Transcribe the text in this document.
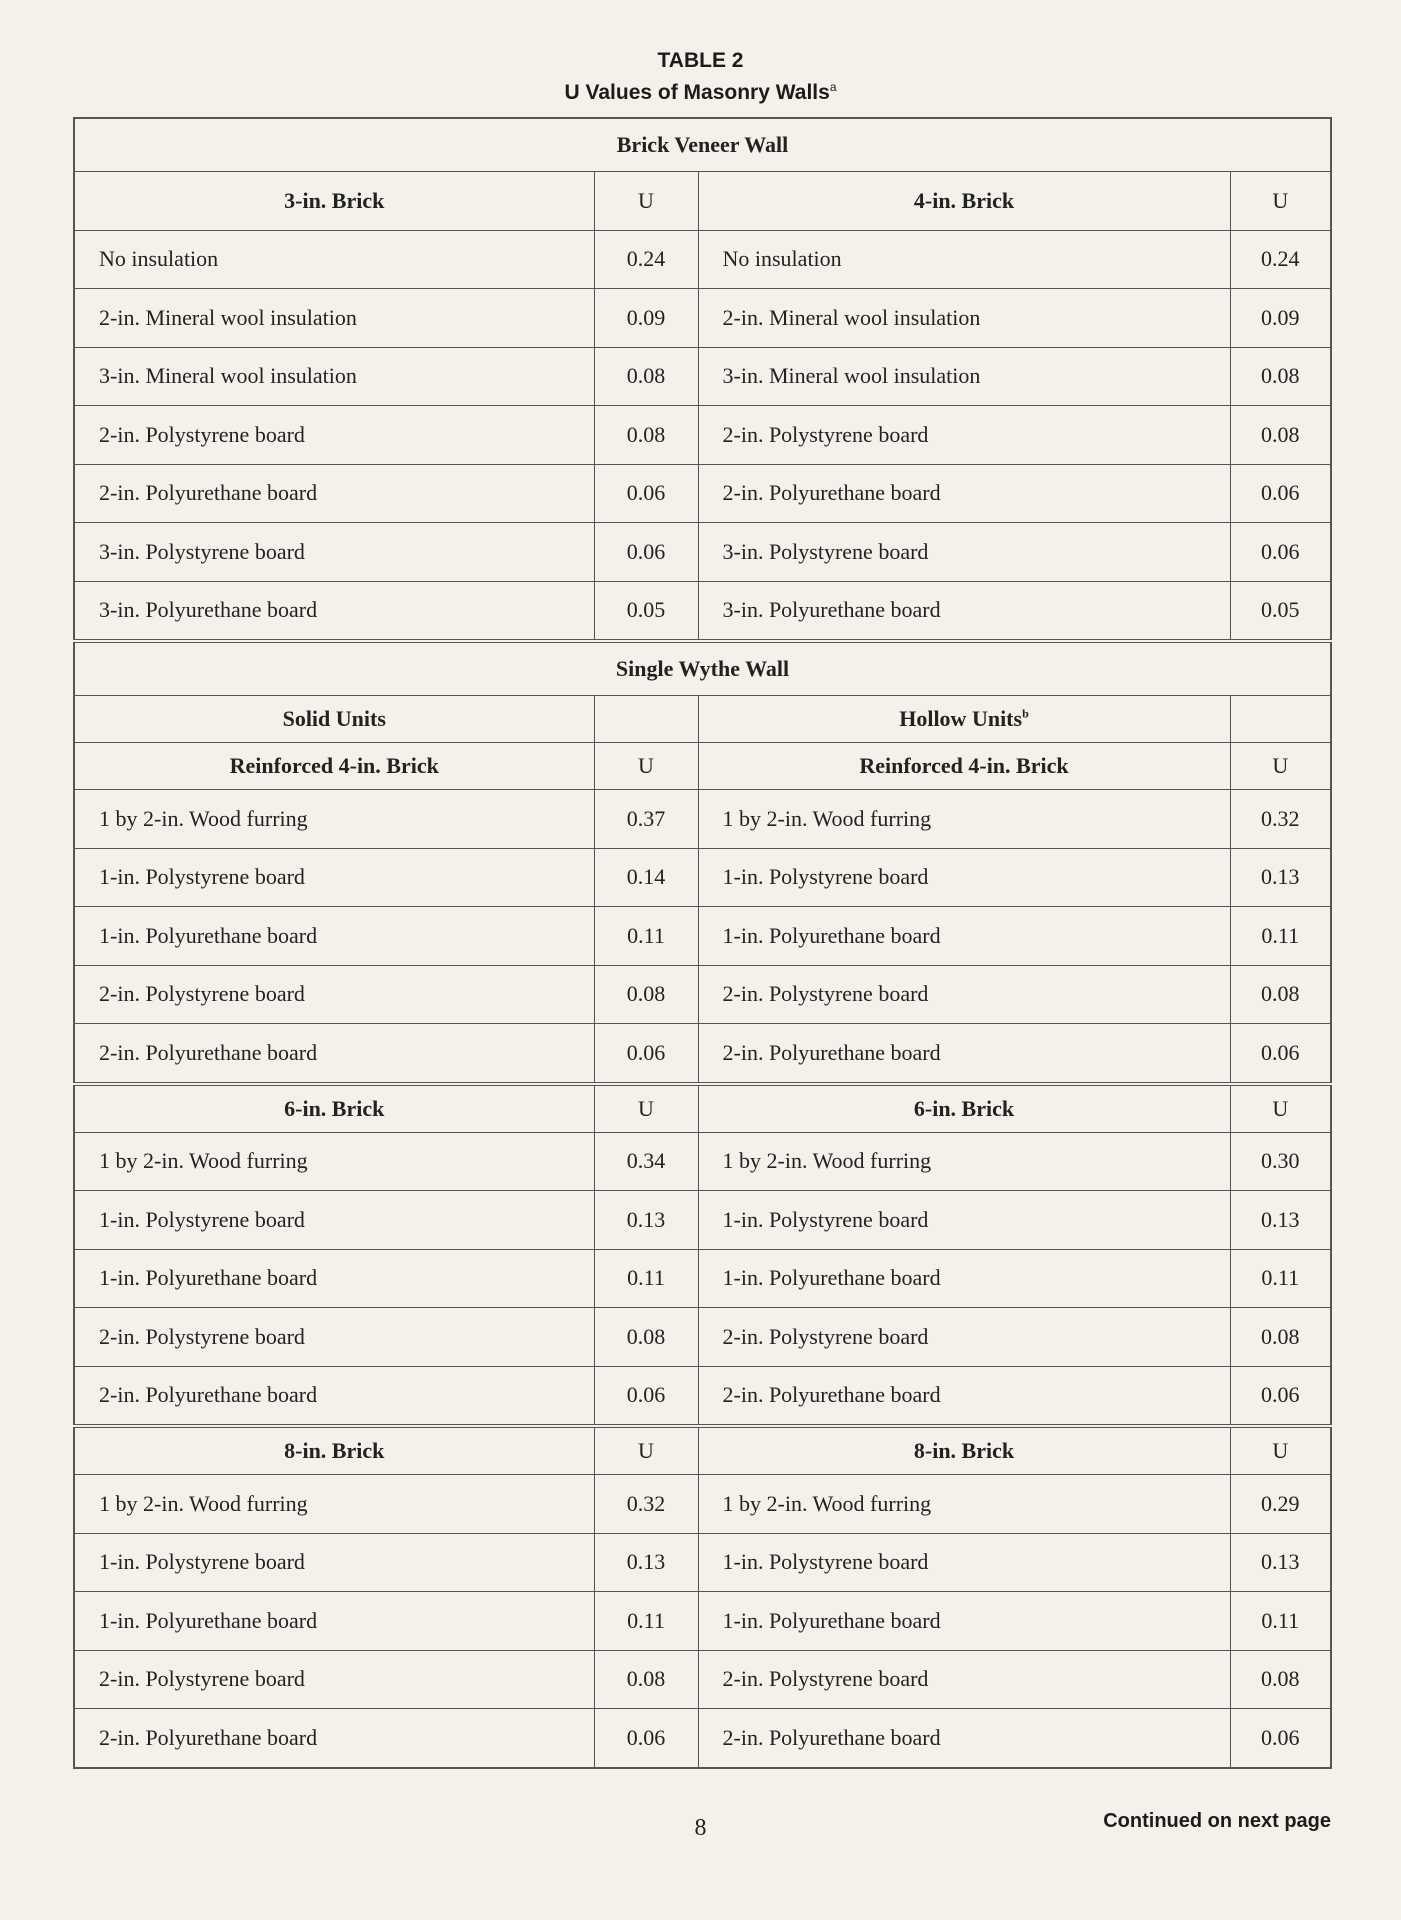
TABLE 2
U Values of Masonry Walls$^a$
Brick Veneer Wall			
3-in. Brick	U	4-in. Brick	U
No insulation	0.24	No insulation	0.24
2-in. Mineral wool insulation	0.09	2-in. Mineral wool insulation	0.09
3-in. Mineral wool insulation	0.08	3-in. Mineral wool insulation	0.08
2-in. Polystyrene board	0.08	2-in. Polystyrene board	0.08
2-in. Polyurethane board	0.06	2-in. Polyurethane board	0.06
3-in. Polystyrene board	0.06	3-in. Polystyrene board	0.06
3-in. Polyurethane board	0.05	3-in. Polyurethane board	0.05
Single Wythe Wall			
Solid Units		Hollow Units$^b$	
Reinforced 4-in. Brick	U	Reinforced 4-in. Brick	U
1 by 2-in. Wood furring	0.37	1 by 2-in. Wood furring	0.32
1-in. Polystyrene board	0.14	1-in. Polystyrene board	0.13
1-in. Polyurethane board	0.11	1-in. Polyurethane board	0.11
2-in. Polystyrene board	0.08	2-in. Polystyrene board	0.08
2-in. Polyurethane board	0.06	2-in. Polyurethane board	0.06
6-in. Brick	U	6-in. Brick	U
1 by 2-in. Wood furring	0.34	1 by 2-in. Wood furring	0.30
1-in. Polystyrene board	0.13	1-in. Polystyrene board	0.13
1-in. Polyurethane board	0.11	1-in. Polyurethane board	0.11
2-in. Polystyrene board	0.08	2-in. Polystyrene board	0.08
2-in. Polyurethane board	0.06	2-in. Polyurethane board	0.06
8-in. Brick	U	8-in. Brick	U
1 by 2-in. Wood furring	0.32	1 by 2-in. Wood furring	0.29
1-in. Polystyrene board	0.13	1-in. Polystyrene board	0.13
1-in. Polyurethane board	0.11	1-in. Polyurethane board	0.11
2-in. Polystyrene board	0.08	2-in. Polystyrene board	0.08
2-in. Polyurethane board	0.06	2-in. Polyurethane board	0.06
8	Continued on next page
